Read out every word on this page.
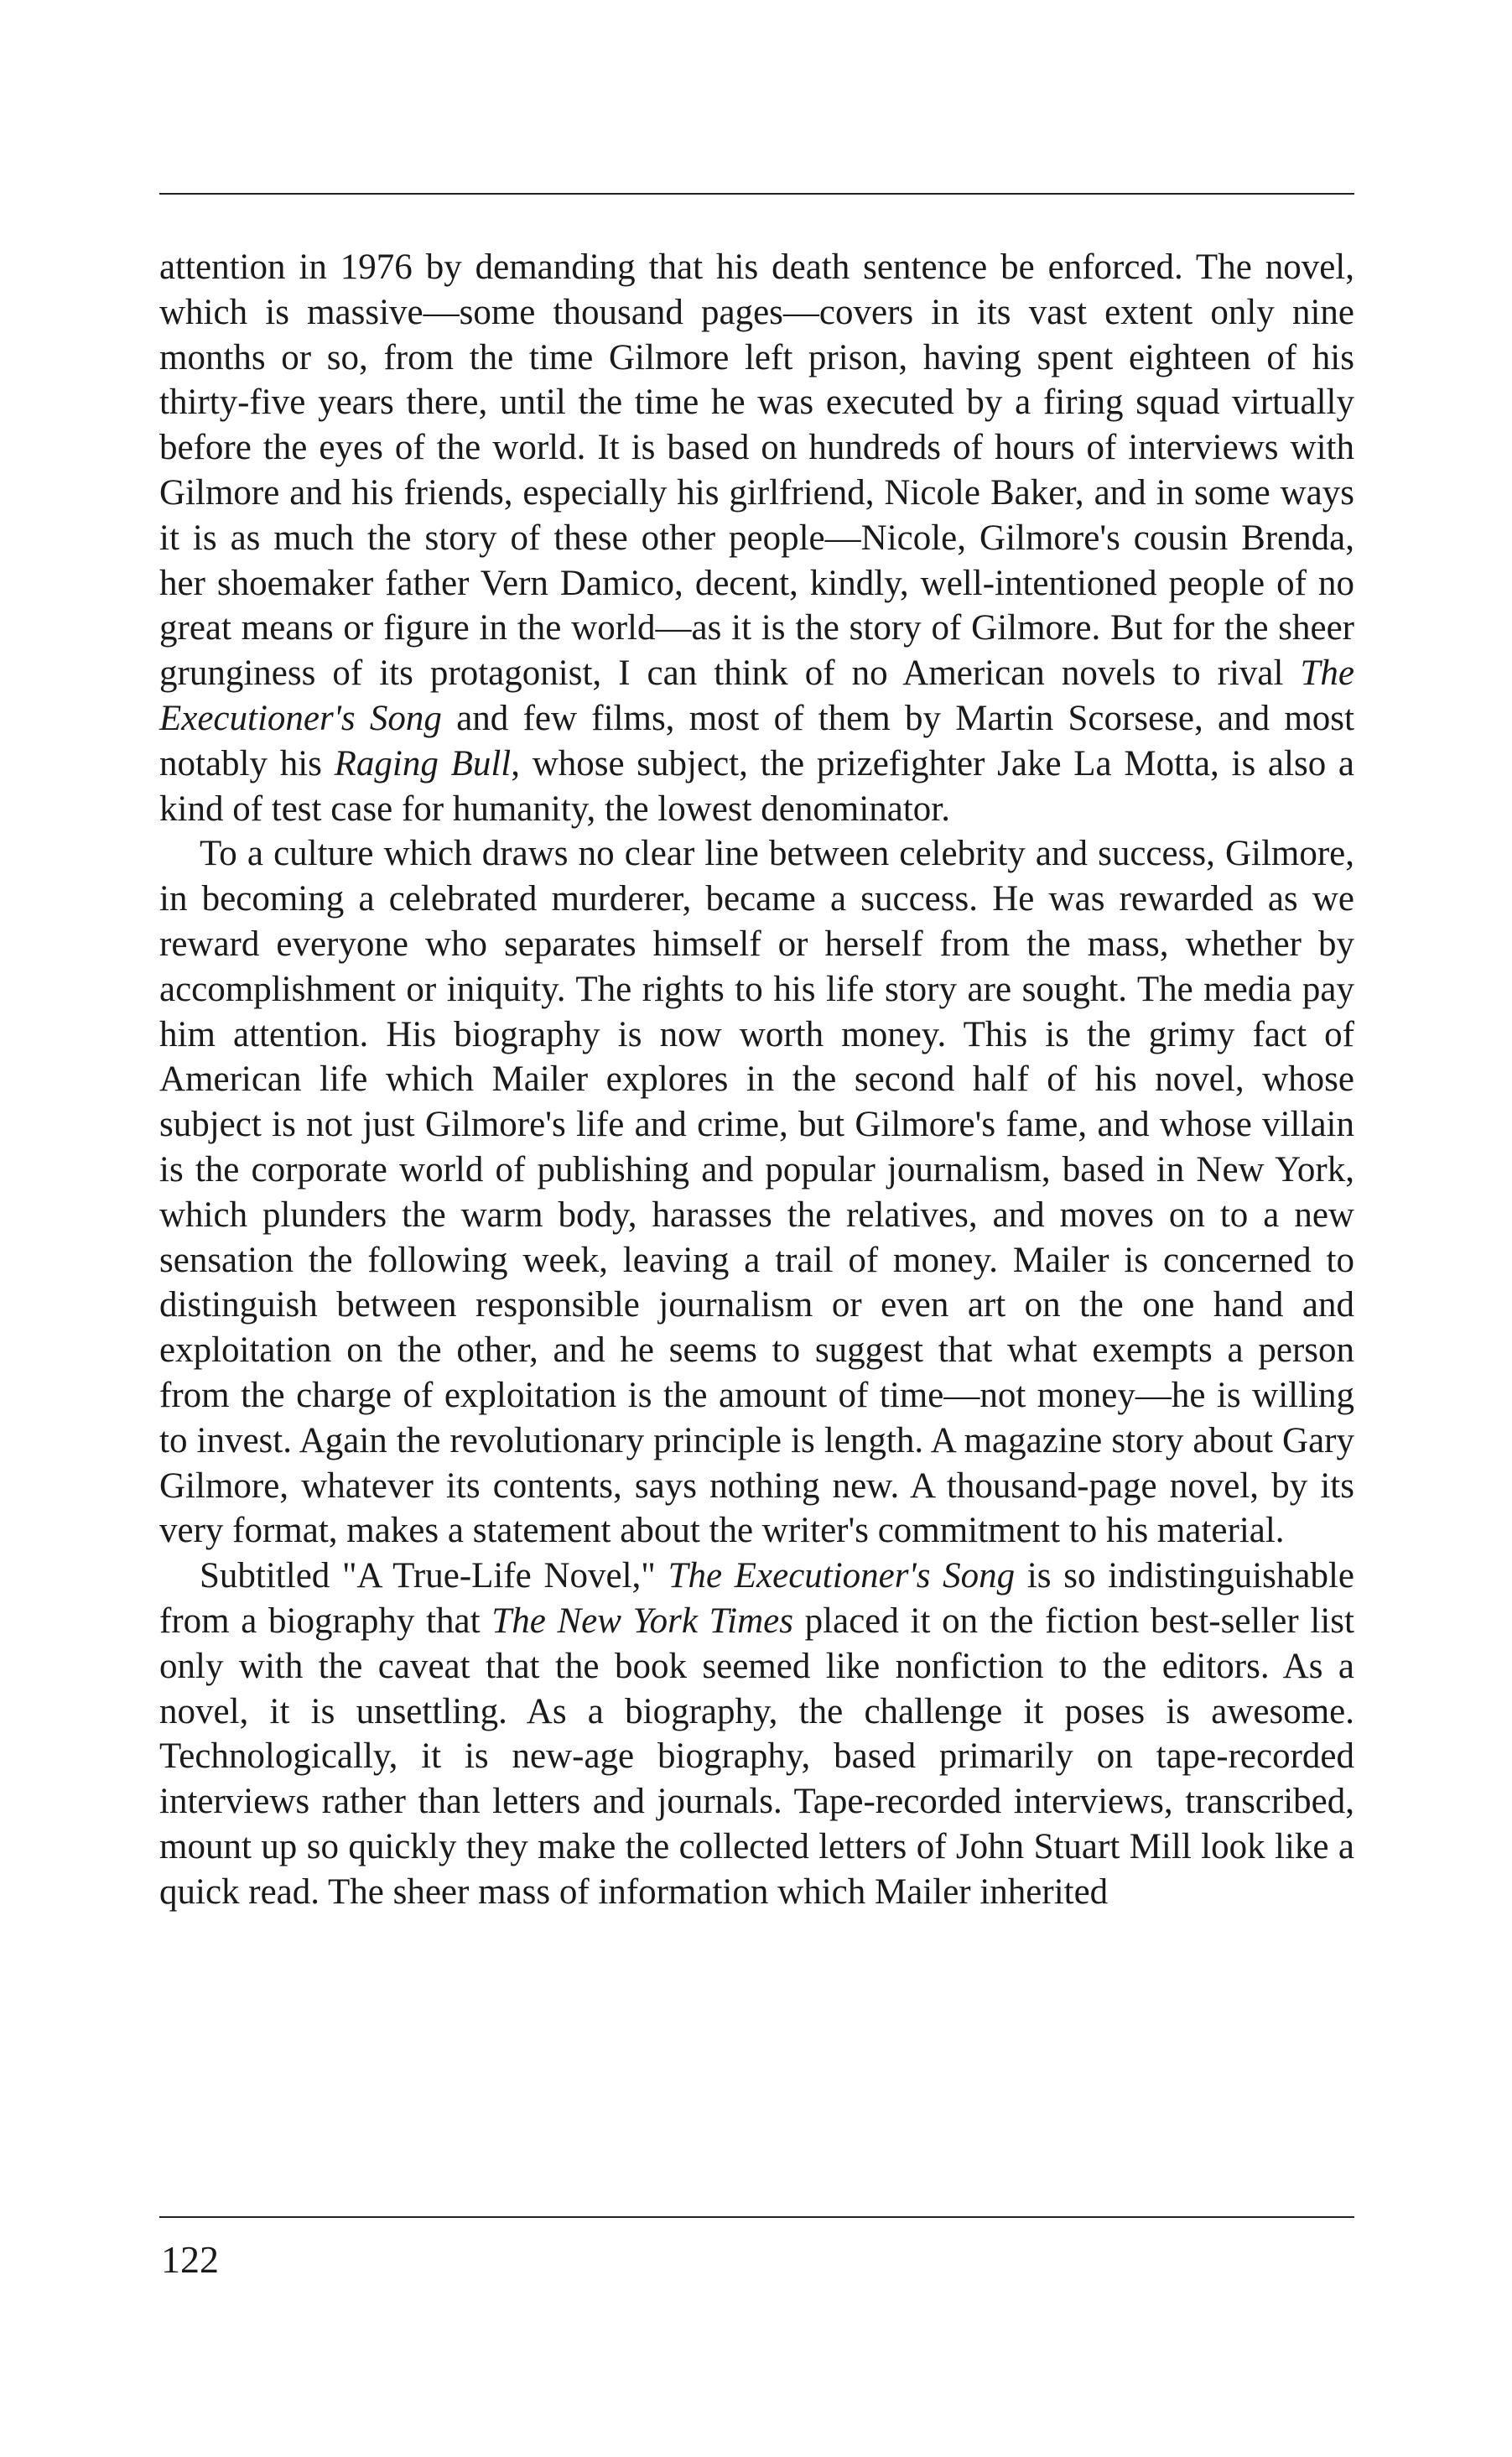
attention in 1976 by demanding that his death sentence be enforced. The novel, which is massive—some thousand pages—covers in its vast extent only nine months or so, from the time Gilmore left prison, having spent eighteen of his thirty-five years there, until the time he was executed by a firing squad virtually before the eyes of the world. It is based on hundreds of hours of interviews with Gilmore and his friends, especially his girlfriend, Nicole Baker, and in some ways it is as much the story of these other people—Nicole, Gilmore's cousin Brenda, her shoemaker father Vern Damico, decent, kindly, well-intentioned people of no great means or figure in the world—as it is the story of Gilmore. But for the sheer grunginess of its protagonist, I can think of no American novels to rival The Executioner's Song and few films, most of them by Martin Scorsese, and most notably his Raging Bull, whose subject, the prizefighter Jake La Motta, is also a kind of test case for humanity, the lowest denominator.

To a culture which draws no clear line between celebrity and success, Gilmore, in becoming a celebrated murderer, became a success. He was rewarded as we reward everyone who separates himself or herself from the mass, whether by accomplishment or iniquity. The rights to his life story are sought. The media pay him attention. His biography is now worth money. This is the grimy fact of American life which Mailer explores in the second half of his novel, whose subject is not just Gilmore's life and crime, but Gilmore's fame, and whose villain is the corporate world of publishing and popular journalism, based in New York, which plunders the warm body, harasses the relatives, and moves on to a new sensation the following week, leaving a trail of money. Mailer is concerned to distinguish between responsible journalism or even art on the one hand and exploitation on the other, and he seems to suggest that what exempts a person from the charge of exploitation is the amount of time—not money—he is willing to invest. Again the revolutionary principle is length. A magazine story about Gary Gilmore, whatever its contents, says nothing new. A thousand-page novel, by its very format, makes a statement about the writer's commitment to his material.

Subtitled "A True-Life Novel," The Executioner's Song is so indistinguishable from a biography that The New York Times placed it on the fiction best-seller list only with the caveat that the book seemed like nonfiction to the editors. As a novel, it is unsettling. As a biography, the challenge it poses is awesome. Technologically, it is new-age biography, based primarily on tape-recorded interviews rather than letters and journals. Tape-recorded interviews, transcribed, mount up so quickly they make the collected letters of John Stuart Mill look like a quick read. The sheer mass of information which Mailer inherited

122
